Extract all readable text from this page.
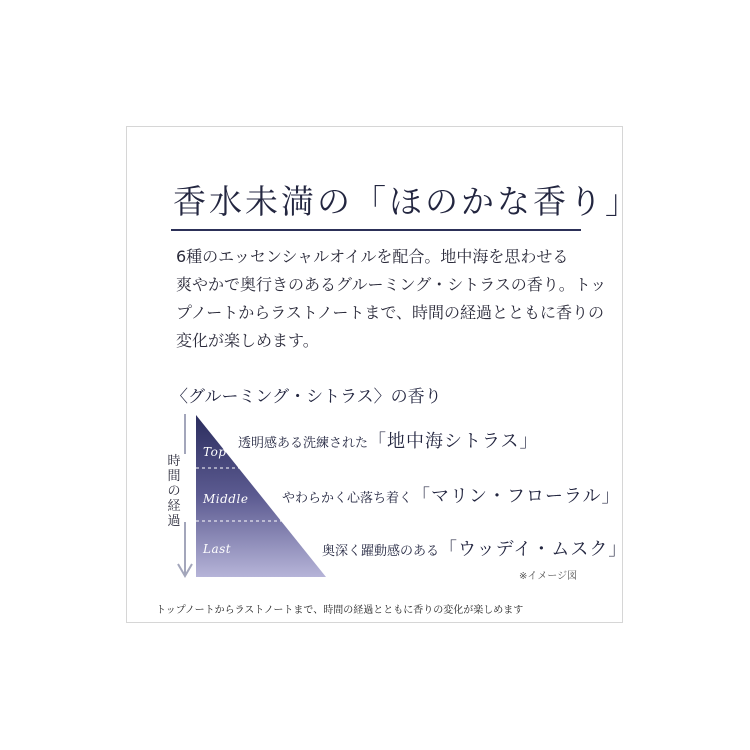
香水未満の「ほのかな香り」
6種のエッセンシャルオイルを配合。地中海を思わせる
爽やかで奥行きのあるグルーミング・シトラスの香り。トッ
プノートからラストノートまで、時間の経過とともに香りの
変化が楽しめます。
〈グルーミング・シトラス〉の香り
時
間
の
経
過
Top
Middle
Last
透明感ある洗練された「地中海シトラス」
やわらかく心落ち着く「マリン・フローラル」
奥深く躍動感のある「ウッデイ・ムスク」
※イメージ図
トップノートからラストノートまで、時間の経過とともに香りの変化が楽しめます
